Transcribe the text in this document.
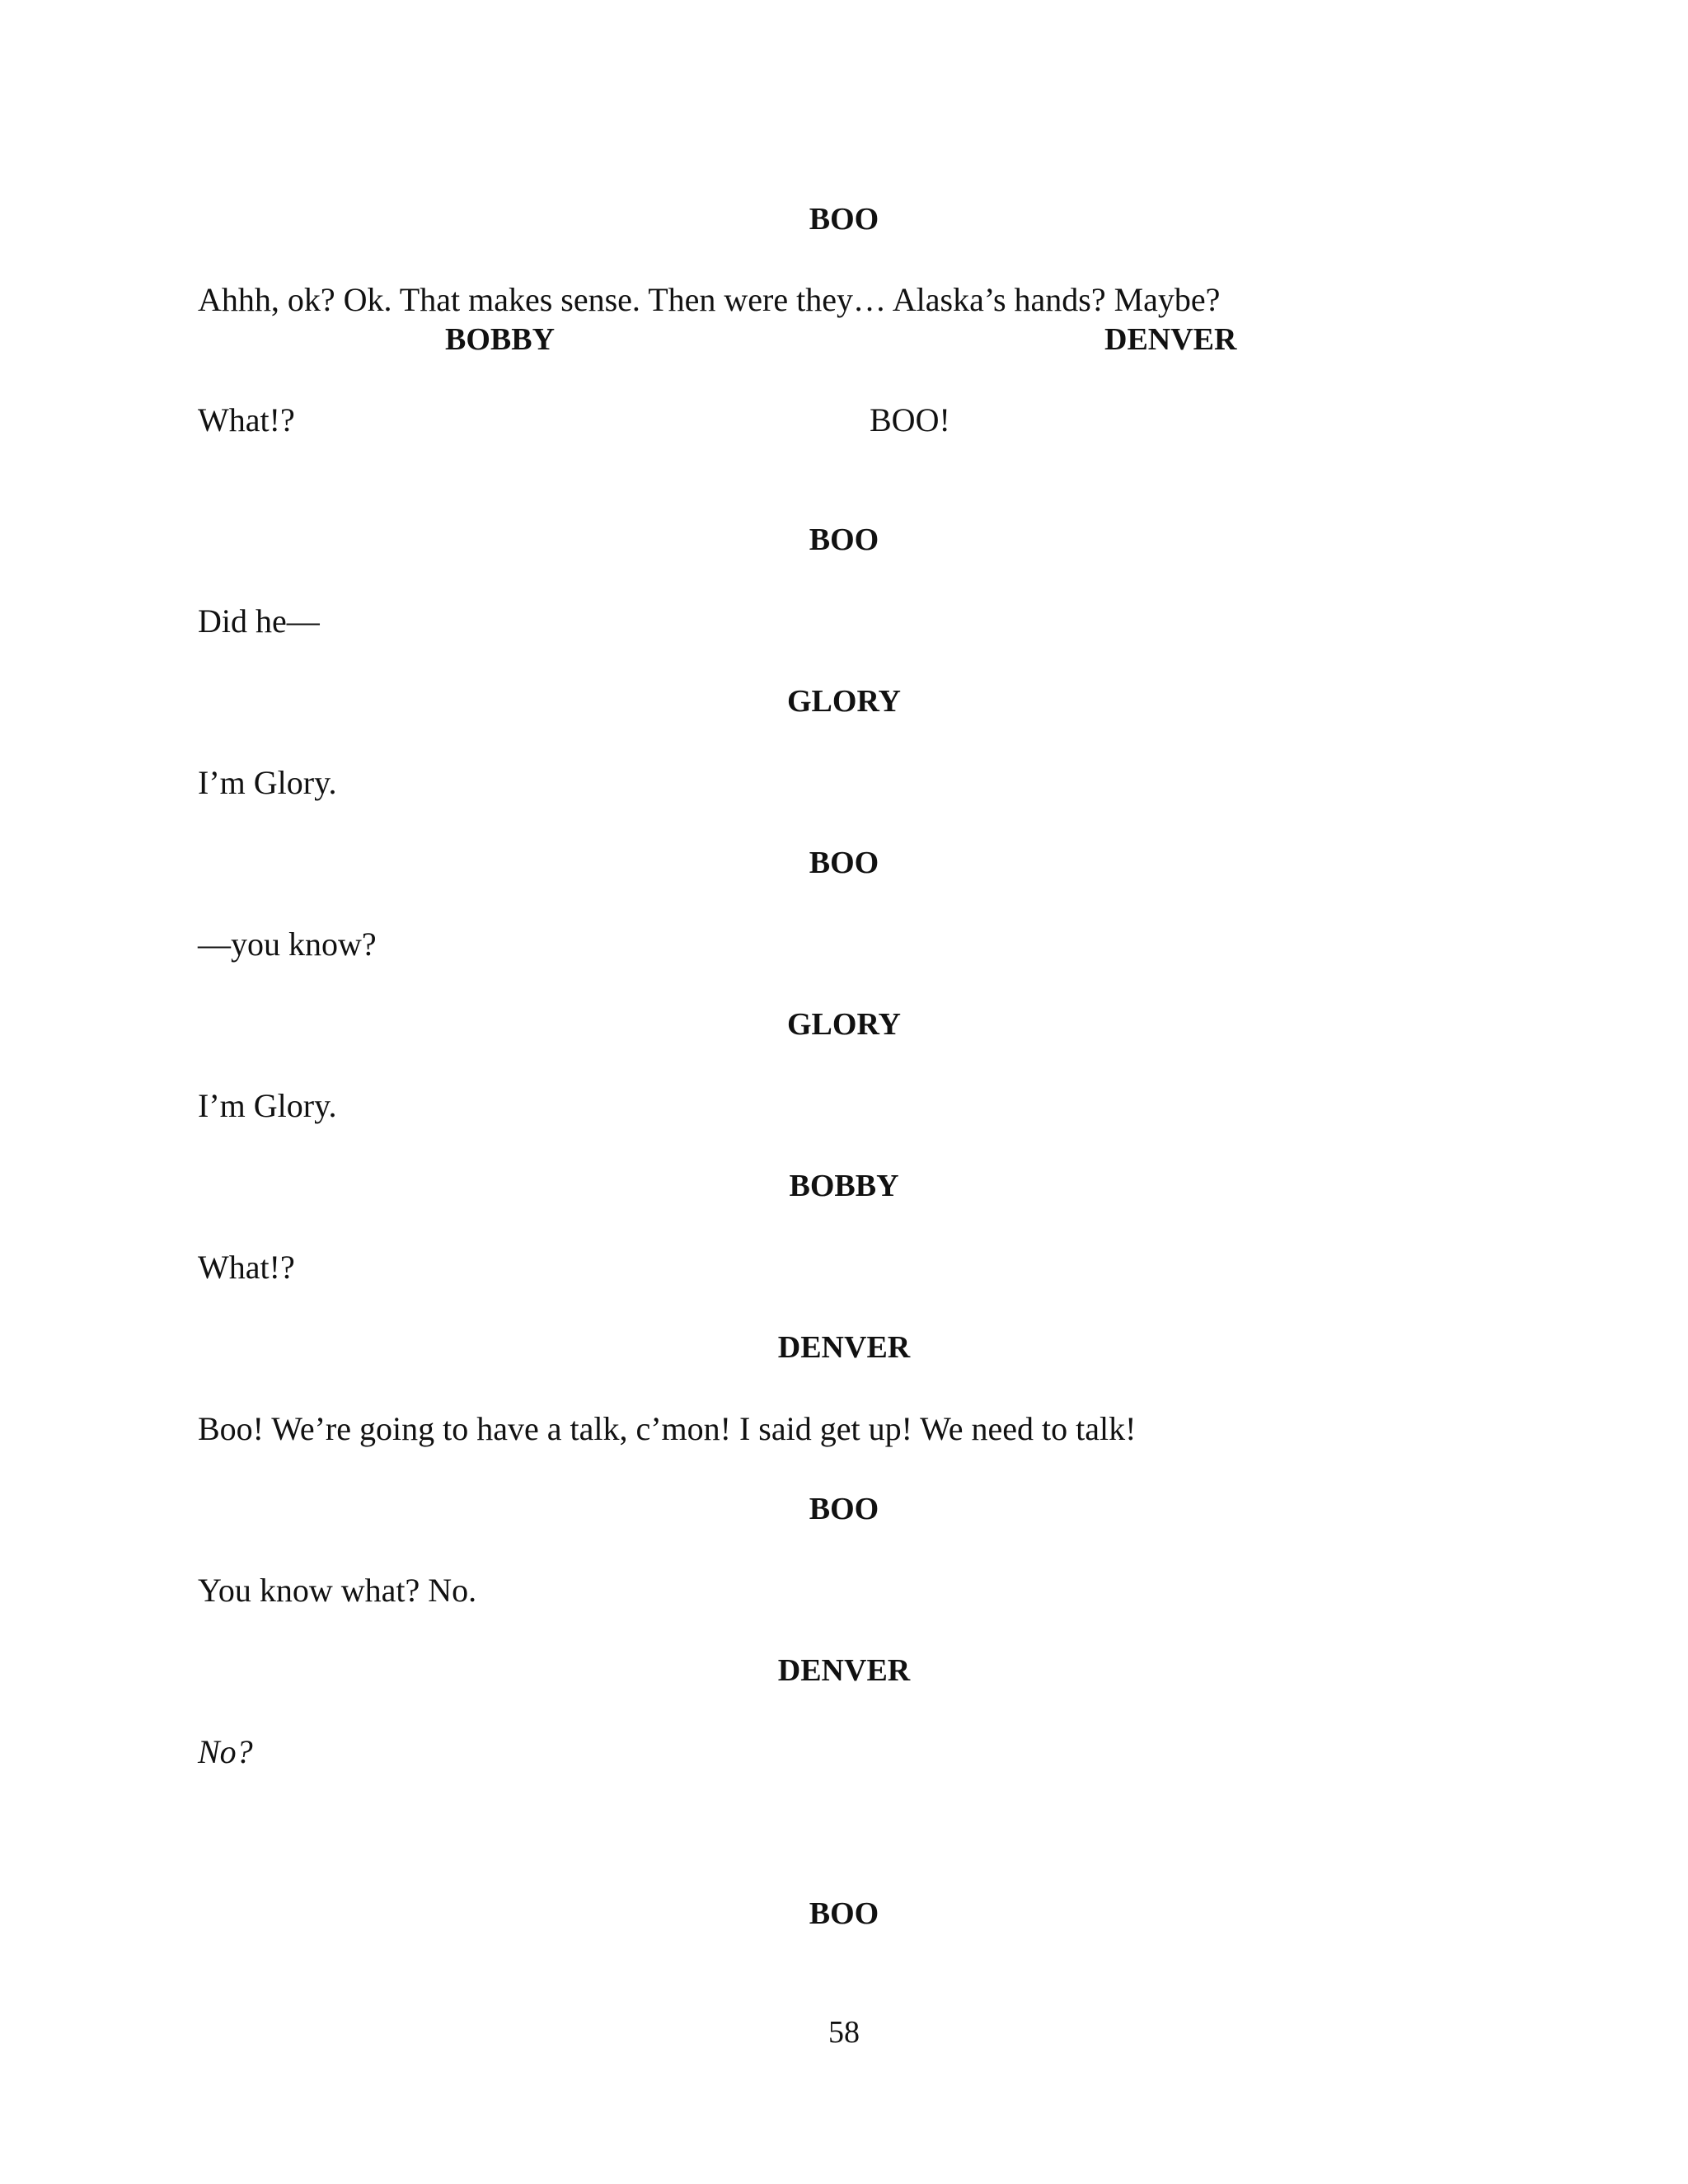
BOO

Ahhh, ok? Ok. That makes sense. Then were they… Alaska’s hands? Maybe?

BOBBY	DENVER

What!?	BOO!

BOO

Did he—

GLORY

I’m Glory.

BOO

—you know?

GLORY

I’m Glory.

BOBBY

What!?

DENVER

Boo! We’re going to have a talk, c’mon! I said get up! We need to talk!

BOO

You know what? No.

DENVER

No?

BOO

58
